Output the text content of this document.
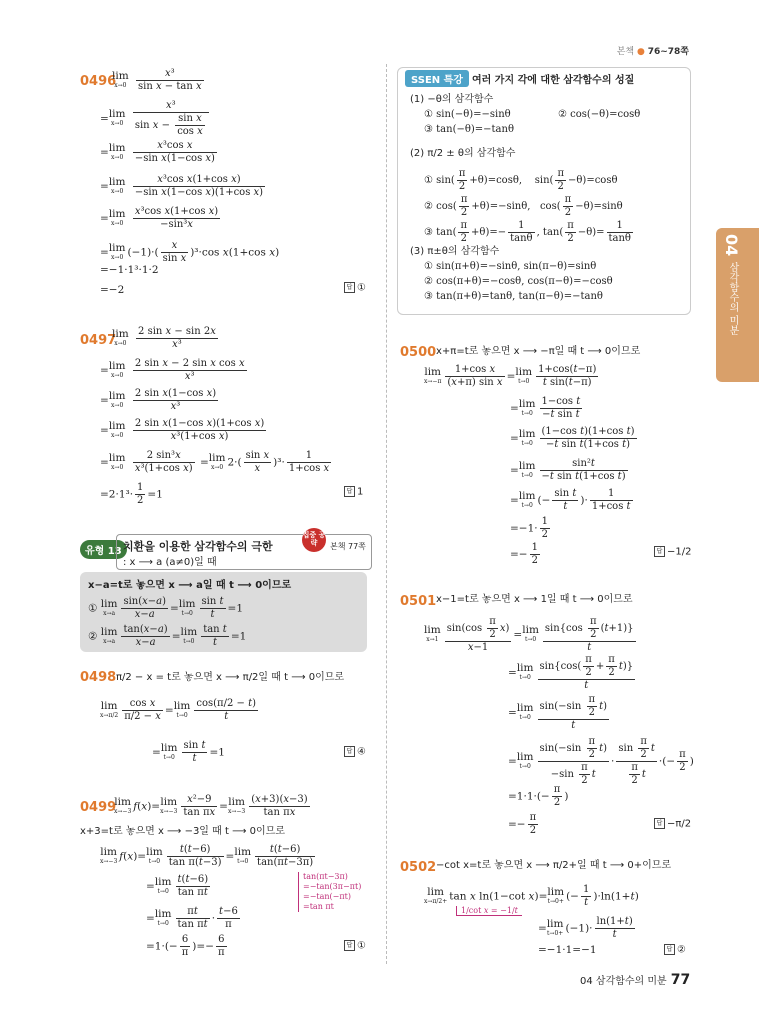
본책 ● 76~78쪽
04
삼각함수의 미분
0496
lim
x→0
$\frac{\text{x³}}{\text{sin x − tan x}}$
= lim
x→0
$\frac{\text{x³}}{\sin x - \frac{\text{sin x}}{\text{cos x}}}$
= lim
x→0
$\frac{\text{x³cos x}}{\text{−sin x(1−cos x)}}$
= lim
x→0
$\frac{\text{x³cos x(1+cos x)}}{\text{−sin x(1−cos x)(1+cos x)}}$
= lim
x→0
$\frac{\text{x³cos x(1+cos x)}}{\text{−sin³x}}$
= lim
x→0 $(-1)\cdot( \frac{x}{\text{sin x}} )^3\cdot\cos$ x(1+cos x)
=−1·1³·1·2
=−2	답 ①
0497
lim
x→0
$\frac{\text{2 sin x − sin 2x}}{\text{x³}}$
= lim
x→0
$\frac{\text{2 sin x − 2 sin x cos x}}{\text{x³}}$
= lim
x→0
$\frac{\text{2 sin x(1−cos x)}}{\text{x³}}$
= lim
x→0
$\frac{\text{2 sin x(1−cos x)(1+cos x)}}{\text{x³(1+cos x)}}$
= lim
x→0
$\frac{\text{2 sin³x}}{\text{x³(1+cos x)}} = \lim$
x→0 $2\cdot( \frac{\text{sin x}}{x} )^3\cdot \frac{1}{\text{1+cos x}}$
$=2\cdot 1^3\cdot \frac{1}{2} =1$	답 1
유형 13 치환을 이용한 삼각함수의 극한
: x ⟶ a (a≠0)일 때
집중 공략	본책 77쪽
x−a=t로 놓으면 x ⟶ a일 때 t ⟶ 0이므로
① lim
$x\to a \frac{\sin(x-a)}{x-a} = \lim$
$t\to 0 \frac{\text{sin t}}{t} =1$
② lim
$x\to a \frac{\tan(x-a)}{x-a} = \lim$
$t\to 0 \frac{\text{tan t}}{t} =1$
0498 π/2 − x = t로 놓으면 x ⟶ π/2일 때 t ⟶ 0이므로
lim
$x\to\pi/2 \frac{\text{cos x}}{\pi/2 - x} = \lim$
$t\to 0 \frac{\cos(\pi/2 - t)}{t}$
= lim
$t\to 0 \frac{\text{sin t}}{t} =1$	답 ④
0499
lim
x→−3 f(x)= lim
$x\to-3 \frac{\text{x²−9}}{\text{tan πx}} = \lim$
$x\to-3 \frac{(x+3)(x-3)}{\text{tan πx}}$
x+3=t로 놓으면 x ⟶ −3일 때 t ⟶ 0이므로
lim
x→−3 f(x)= lim
$t\to 0 \frac{t(t-6)}{\text{tan π(t−3)}} = \lim$
$t\to 0 \frac{t(t-6)}{\tan(\pi t-3\pi)}$
tan(πt−3π)
=−tan(3π−πt)
=−tan(−πt)
=tan πt
= lim
$t\to 0 \frac{t(t-6)}{\text{tan πt}}$
= lim
$t\to 0 \frac{\pi t}{\text{tan πt}} \cdot \frac{t-6}{\pi}$
$=1\cdot(- \frac{6}{\pi}$ )=− $\frac{6}{\pi}$	답 ①
SSEN 특강 여러 가지 각에 대한 삼각함수의 성질
(1) −θ의 삼각함수
① sin(−θ)=−sinθ	② cos(−θ)=cosθ
③ tan(−θ)=−tanθ
(2) π/2 ± θ의 삼각함수
① $\sin( \frac{\pi}{2} +\theta)=\cos\theta$,    $\sin( \frac{\pi}{2} -\theta)=\cos\theta$
② $\cos( \frac{\pi}{2} +\theta)=-\sin\theta$,   $\cos( \frac{\pi}{2} -\theta)=\sin\theta$
③ $\tan( \frac{\pi}{2} +\theta)=- \frac{1}{\tan\theta}$ , $\tan( \frac{\pi}{2} -\theta)= \frac{1}{\tan\theta}$
(3) π±θ의 삼각함수
① sin(π+θ)=−sinθ, sin(π−θ)=sinθ
② cos(π+θ)=−cosθ, cos(π−θ)=−cosθ
③ tan(π+θ)=tanθ, tan(π−θ)=−tanθ
0500 x+π=t로 놓으면 x ⟶ −π일 때 t ⟶ 0이므로
lim
$x\to-\pi \frac{\text{1+cos x}}{\text{(x+π) sin x}} = \lim$
$t\to 0 \frac{1+\cos(t-\pi)}{\text{t sin(t−π)}}$
= lim
$t\to 0 \frac{\text{1−cos t}}{\text{−t sin t}}$
= lim
$t\to 0 \frac{\text{(1−cos t)(1+cos t)}}{\text{−t sin t(1+cos t)}}$
= lim
$t\to 0 \frac{\text{sin²t}}{\text{−t sin t(1+cos t)}}$
= lim
t→0 (− $\frac{\text{sin t}}{t}$ )· $\frac{1}{\text{1+cos t}}$
$=-1\cdot \frac{1}{2}$
=− $\frac{1}{2}$	답 −1/2
0501 x−1=t로 놓으면 x ⟶ 1일 때 t ⟶ 0이므로
lim
$x\to 1 \frac{\sin(\cos \frac{\pi}{2} x)}{x-1} = \lim$
$t\to 0 \frac{\sin\{\cos \frac{\pi}{2} (t+1)\}}{t}$
= lim
$t\to 0 \frac{\sin\{\cos( \frac{\pi}{2} + \frac{\pi}{2} t)\}}{t}$
= lim
$t\to 0 \frac{\sin(-\sin \frac{\pi}{2} t)}{t}$
= lim
$t\to 0 \frac{\sin(-\sin \frac{\pi}{2} t)}{-\sin \frac{\pi}{2} t} \cdot \frac{\sin \frac{\pi}{2} t}{\frac{\pi}{2} t}$ ·(− $\frac{\pi}{2}$ )
$=1\cdot 1\cdot(- \frac{\pi}{2}$ )
=− $\frac{\pi}{2}$	답 −π/2
0502 −cot x=t로 놓으면 x ⟶ π/2+일 때 t ⟶ 0+이므로
lim
x→π/2+ tan x ln(1−cot x)= lim
t→0+ (− $\frac{1}{t} )\cdot\ln(1+t)$
1/cot x = −1/t
= lim
$t\to 0+ (-1)\cdot \frac{\ln(1+t)}{t}$
=−1·1=−1	답 ②
04 삼각함수의 미분 77
